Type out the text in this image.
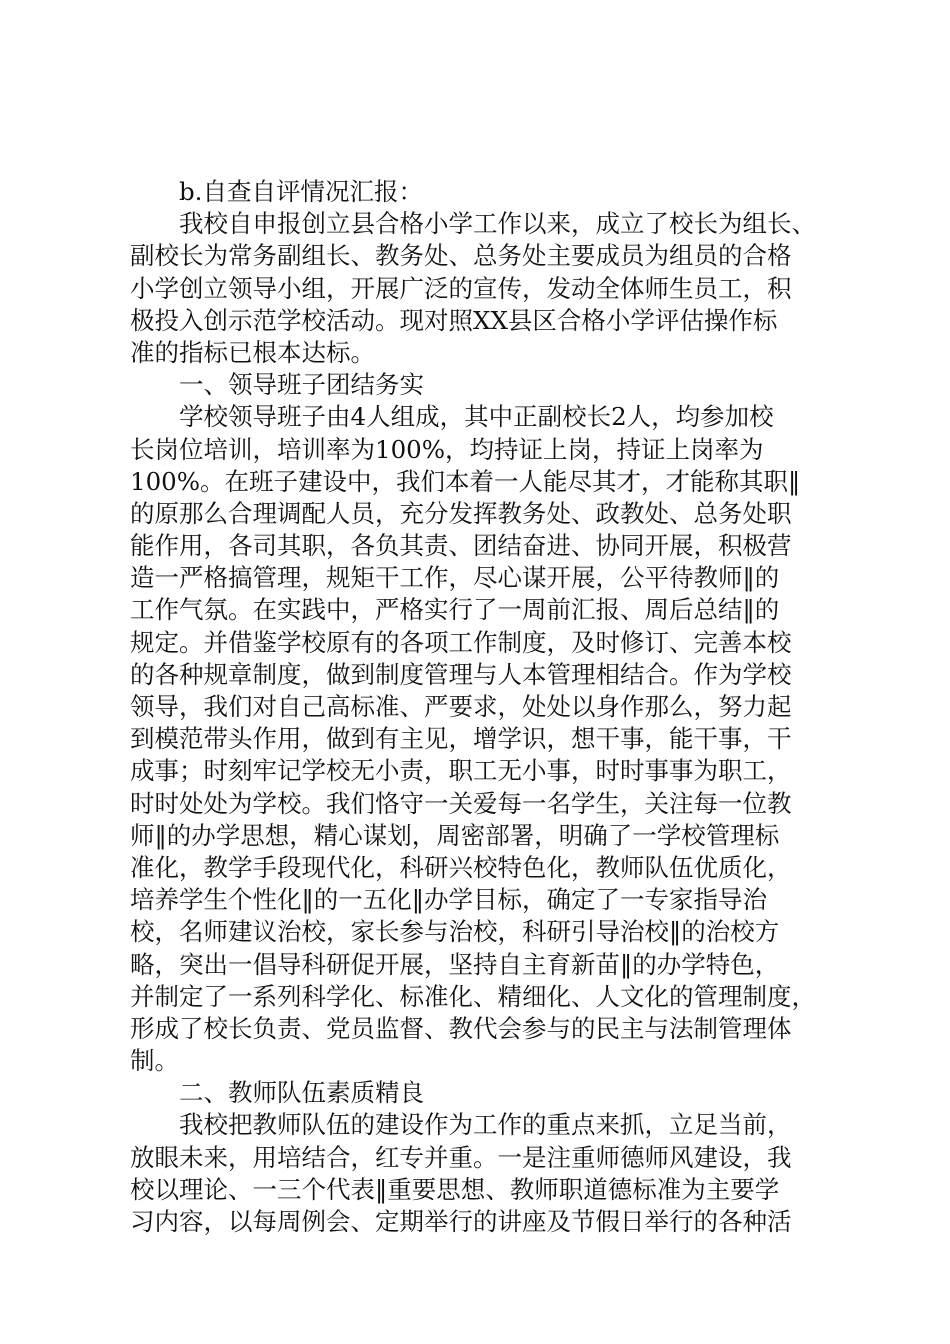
b.自查自评情况汇报：
我校自申报创立县合格小学工作以来，成立了校长为组长、
副校长为常务副组长、教务处、总务处主要成员为组员的合格
小学创立领导小组，开展广泛的宣传，发动全体师生员工，积
极投入创示范学校活动。现对照XX县区合格小学评估操作标
准的指标已根本达标。
一、领导班子团结务实
学校领导班子由4人组成，其中正副校长2人，均参加校
长岗位培训，培训率为100%，均持证上岗，持证上岗率为
100%。在班子建设中，我们本着一人能尽其才，才能称其职‖
的原那么合理调配人员，充分发挥教务处、政教处、总务处职
能作用，各司其职，各负其责、团结奋进、协同开展，积极营
造一严格搞管理，规矩干工作，尽心谋开展，公平待教师‖的
工作气氛。在实践中，严格实行了一周前汇报、周后总结‖的
规定。并借鉴学校原有的各项工作制度，及时修订、完善本校
的各种规章制度，做到制度管理与人本管理相结合。作为学校
领导，我们对自己高标准、严要求，处处以身作那么，努力起
到模范带头作用，做到有主见，增学识，想干事，能干事，干
成事；时刻牢记学校无小责，职工无小事，时时事事为职工，
时时处处为学校。我们恪守一关爱每一名学生，关注每一位教
师‖的办学思想，精心谋划，周密部署，明确了一学校管理标
准化，教学手段现代化，科研兴校特色化，教师队伍优质化，
培养学生个性化‖的一五化‖办学目标，确定了一专家指导治
校，名师建议治校，家长参与治校，科研引导治校‖的治校方
略，突出一倡导科研促开展，坚持自主育新苗‖的办学特色，
并制定了一系列科学化、标准化、精细化、人文化的管理制度，
形成了校长负责、党员监督、教代会参与的民主与法制管理体
制。
二、教师队伍素质精良
我校把教师队伍的建设作为工作的重点来抓，立足当前，
放眼未来，用培结合，红专并重。一是注重师德师风建设，我
校以理论、一三个代表‖重要思想、教师职道德标准为主要学
习内容，以每周例会、定期举行的讲座及节假日举行的各种活
